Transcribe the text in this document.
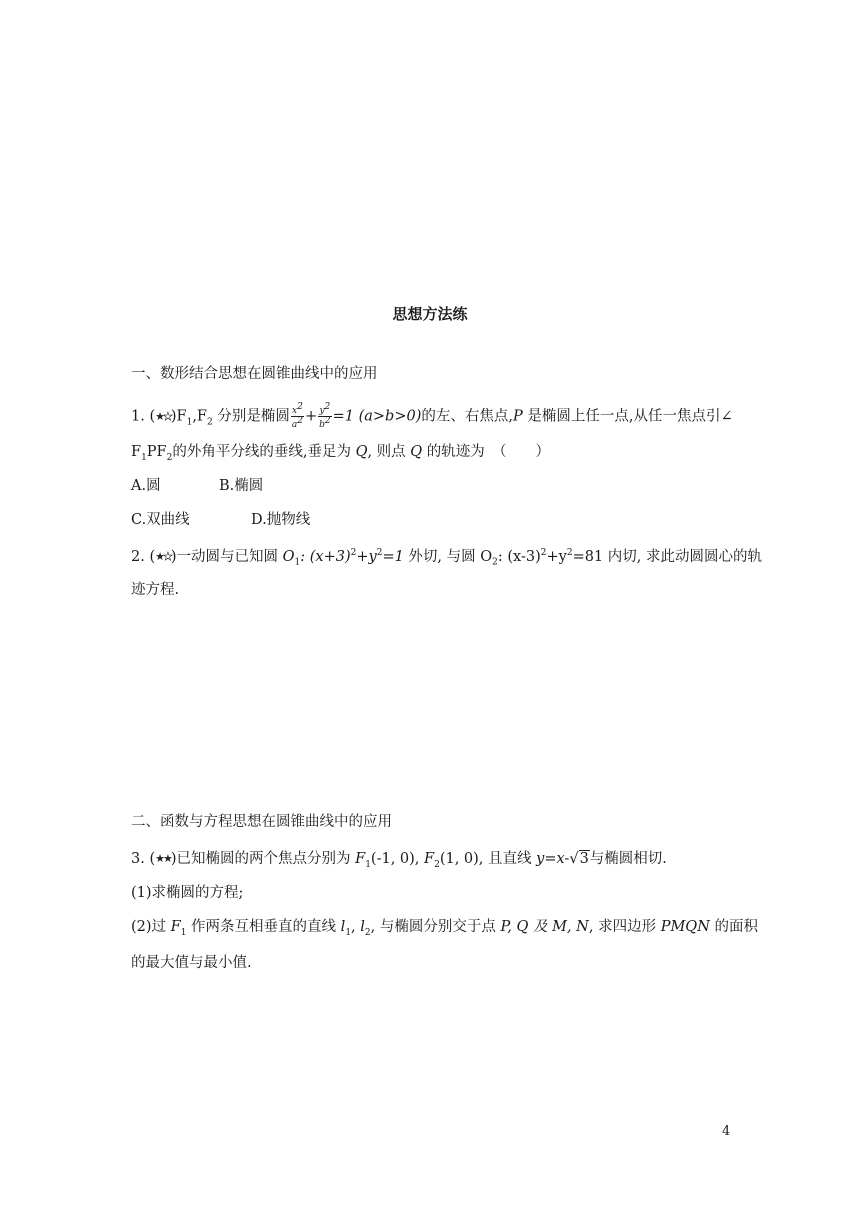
思想方法练
一、数形结合思想在圆锥曲线中的应用
1. $(★★)F_1,F_2$ 分别是椭圆 $\frac{x^2}{a^2} + \frac{y^2}{b^2} =1$ (a>b>0)的左、右焦点,P 是椭圆上任一点,从任一焦点引∠
$F_1PF_2$的外角平分线的垂线,垂足为 Q, 则点 Q 的轨迹为　（　　）
A.圆	B.椭圆
C.双曲线	D.抛物线
2. (★★)一动圆与已知圆 $O_1$: $(x+3)^2+y^2=1$ 外切, 与圆 $O_2$: $(x-3)^2+y^2=81$ 内切, 求此动圆圆心的轨
迹方程.
二、函数与方程思想在圆锥曲线中的应用
3. (★★)已知椭圆的两个焦点分别为 $F_1(-1$, 0), $F_2(1$, 0), 且直线 y=x-√3与椭圆相切.
(1)求椭圆的方程;
(2)过 $F_1$ 作两条互相垂直的直线 $l_1$, $l_2$, 与椭圆分别交于点 P, Q 及 M, N, 求四边形 PMQN 的面积
的最大值与最小值.
4
